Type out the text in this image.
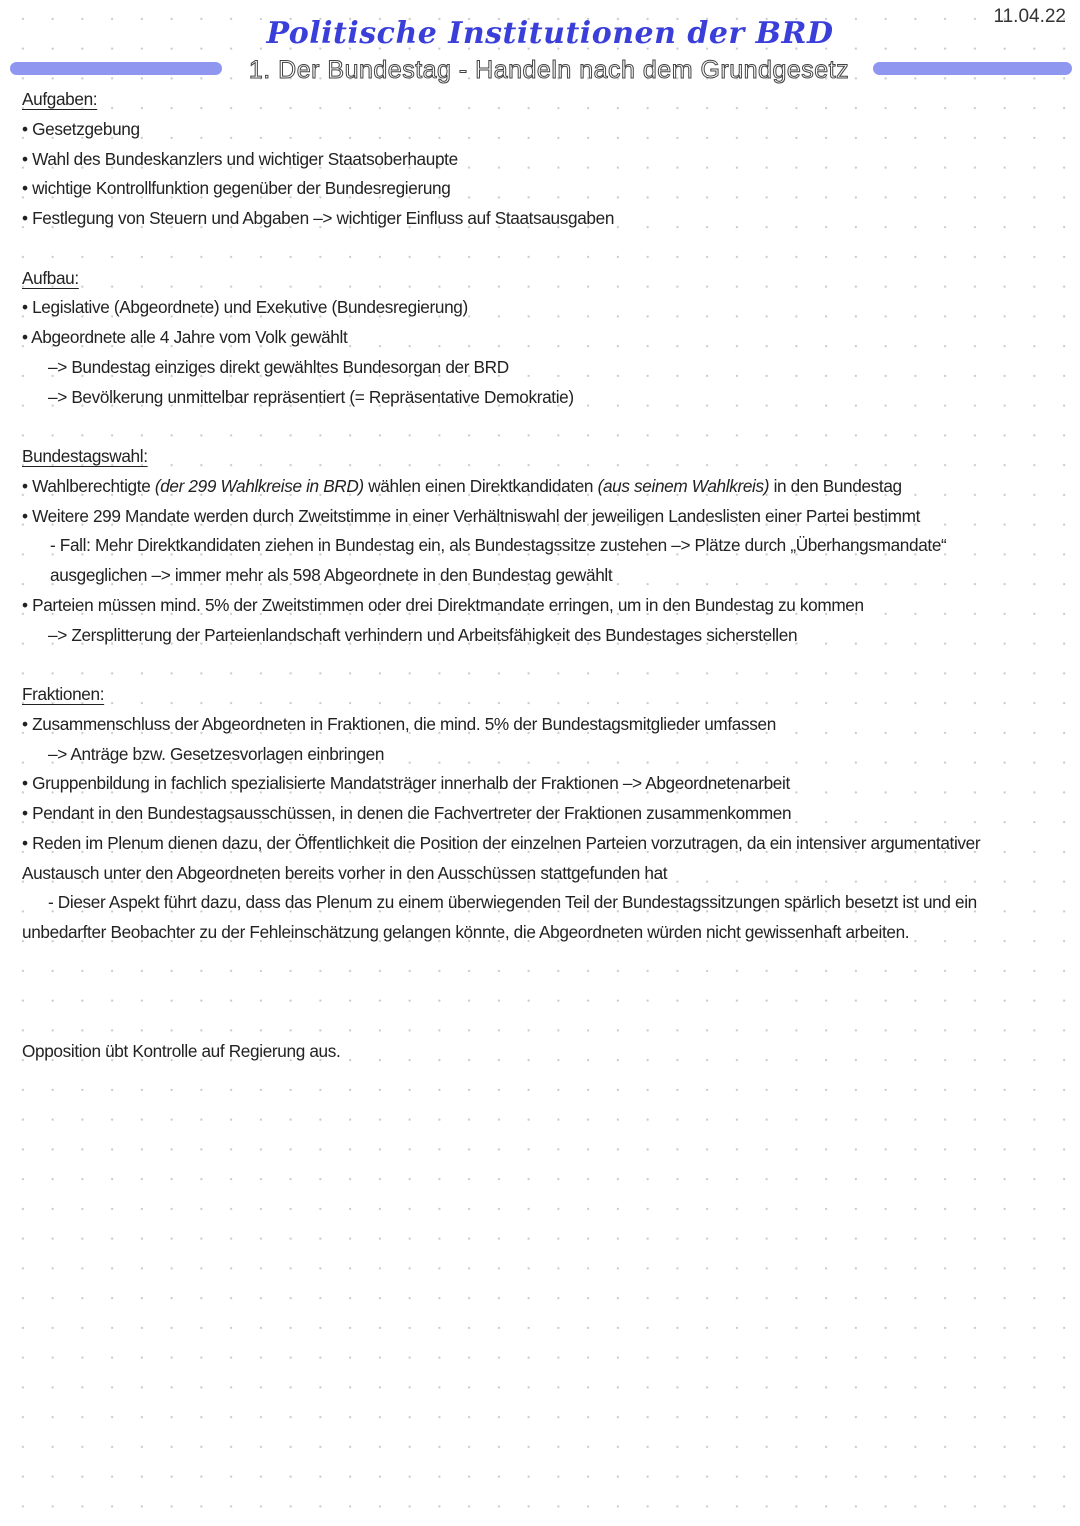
11.04.22
Politische Institutionen der BRD
1. Der Bundestag - Handeln nach dem Grundgesetz
Aufgaben:
• Gesetzgebung
• Wahl des Bundeskanzlers und wichtiger Staatsoberhaupte
• wichtige Kontrollfunktion gegenüber der Bundesregierung
• Festlegung von Steuern und Abgaben –> wichtiger Einfluss auf Staatsausgaben
Aufbau:
• Legislative (Abgeordnete) und Exekutive (Bundesregierung)
• Abgeordnete alle 4 Jahre vom Volk gewählt
–> Bundestag einziges direkt gewähltes Bundesorgan der BRD
–> Bevölkerung unmittelbar repräsentiert (= Repräsentative Demokratie)
Bundestagswahl:
• Wahlberechtigte (der 299 Wahlkreise in BRD) wählen einen Direktkandidaten (aus seinem Wahlkreis) in den Bundestag
• Weitere 299 Mandate werden durch Zweitstimme in einer Verhältniswahl der jeweiligen Landeslisten einer Partei bestimmt
- Fall: Mehr Direktkandidaten ziehen in Bundestag ein, als Bundestagssitze zustehen –> Plätze durch „Überhangsmandate“
ausgeglichen –> immer mehr als 598 Abgeordnete in den Bundestag gewählt
• Parteien müssen mind. 5% der Zweitstimmen oder drei Direktmandate erringen, um in den Bundestag zu kommen
–> Zersplitterung der Parteienlandschaft verhindern und Arbeitsfähigkeit des Bundestages sicherstellen
Fraktionen:
• Zusammenschluss der Abgeordneten in Fraktionen, die mind. 5% der Bundestagsmitglieder umfassen
–> Anträge bzw. Gesetzesvorlagen einbringen
• Gruppenbildung in fachlich spezialisierte Mandatsträger innerhalb der Fraktionen –> Abgeordnetenarbeit
• Pendant in den Bundestagsausschüssen, in denen die Fachvertreter der Fraktionen zusammenkommen
• Reden im Plenum dienen dazu, der Öffentlichkeit die Position der einzelnen Parteien vorzutragen, da ein intensiver argumentativer
Austausch unter den Abgeordneten bereits vorher in den Ausschüssen stattgefunden hat
- Dieser Aspekt führt dazu, dass das Plenum zu einem überwiegenden Teil der Bundestagssitzungen spärlich besetzt ist und ein
unbedarfter Beobachter zu der Fehleinschätzung gelangen könnte, die Abgeordneten würden nicht gewissenhaft arbeiten.
Opposition übt Kontrolle auf Regierung aus.
